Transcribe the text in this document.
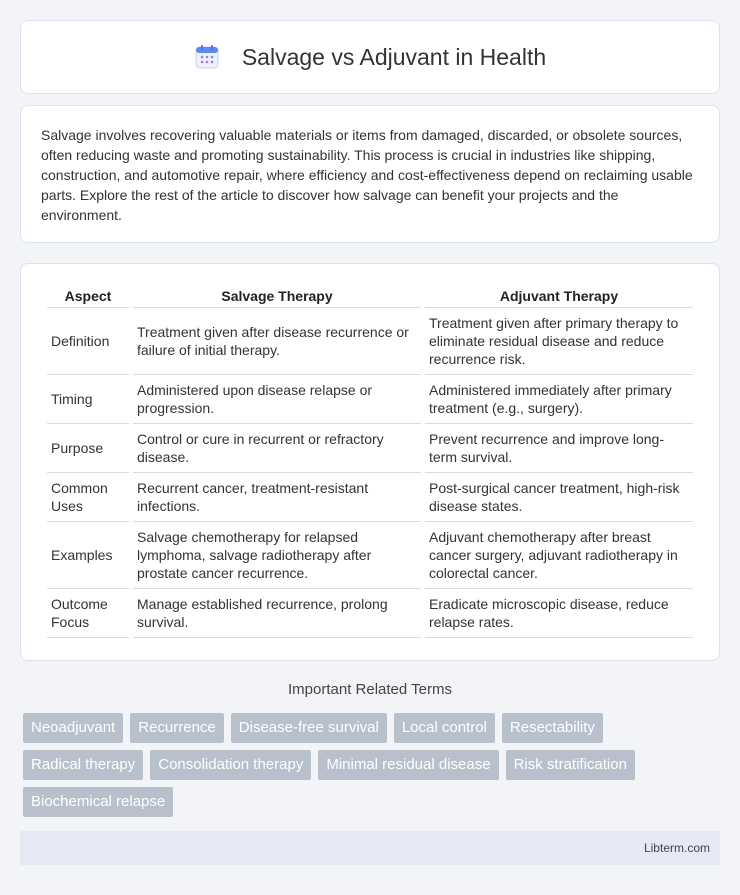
Salvage vs Adjuvant in Health

Salvage involves recovering valuable materials or items from damaged, discarded, or obsolete sources, often reducing waste and promoting sustainability. This process is crucial in industries like shipping, construction, and automotive repair, where efficiency and cost-effectiveness depend on reclaiming usable parts. Explore the rest of the article to discover how salvage can benefit your projects and the environment.

Aspect	Salvage Therapy	Adjuvant Therapy
Definition	Treatment given after disease recurrence or failure of initial therapy.	Treatment given after primary therapy to eliminate residual disease and reduce recurrence risk.
Timing	Administered upon disease relapse or progression.	Administered immediately after primary treatment (e.g., surgery).
Purpose	Control or cure in recurrent or refractory disease.	Prevent recurrence and improve long-term survival.
Common Uses	Recurrent cancer, treatment-resistant infections.	Post-surgical cancer treatment, high-risk disease states.
Examples	Salvage chemotherapy for relapsed lymphoma, salvage radiotherapy after prostate cancer recurrence.	Adjuvant chemotherapy after breast cancer surgery, adjuvant radiotherapy in colorectal cancer.
Outcome Focus	Manage established recurrence, prolong survival.	Eradicate microscopic disease, reduce relapse rates.
Important Related Terms
Neoadjuvant	Recurrence	Disease-free survival	Local control	Resectability
Radical therapy	Consolidation therapy	Minimal residual disease	Risk stratification
Biochemical relapse
Libterm.com
